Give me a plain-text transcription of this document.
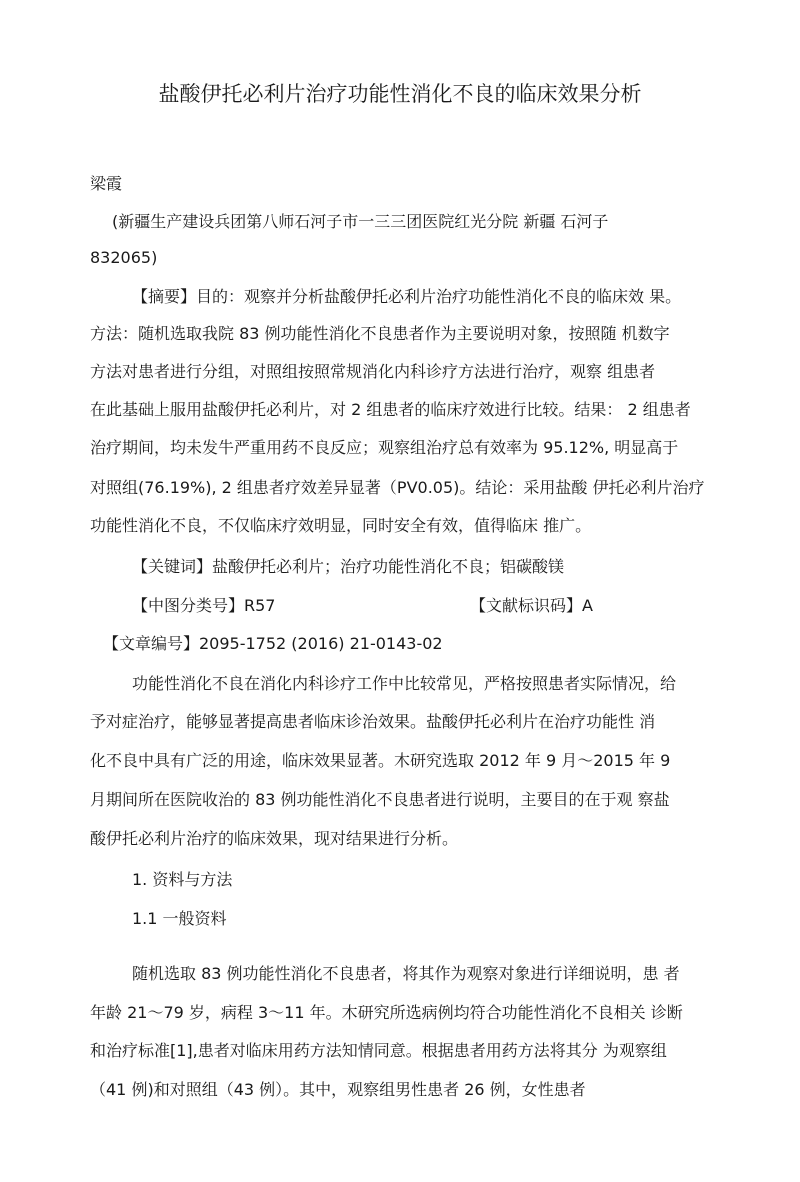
盐酸伊托必利片治疗功能性消化不良的临床效果分析
梁霞
(新疆生产建设兵团第八师石河子市一三三团医院红光分院 新疆 石河子
832065)
【摘要】目的：观察并分析盐酸伊托必利片治疗功能性消化不良的临床效 果。
方法：随机选取我院 83 例功能性消化不良患者作为主要说明对象，按照随 机数字
方法对患者进行分组，对照组按照常规消化内科诊疗方法进行治疗，观察 组患者
在此基础上服用盐酸伊托必利片，对 2 组患者的临床疗效进行比较。结果： 2 组患者
治疗期间，均未发牛严重用药不良反应；观察组治疗总有效率为 95.12%, 明显高于
对照组(76.19%), 2 组患者疗效差异显著（PV0.05)。结论：采用盐酸 伊托必利片治疗
功能性消化不良，不仅临床疗效明显，同时安全有效，值得临床 推广。
【关键词】盐酸伊托必利片；治疗功能性消化不良；铝碳酸镁
【中图分类号】R57	【文献标识码】A
【文章编号】2095-1752 (2016) 21-0143-02
功能性消化不良在消化内科诊疗工作中比较常见，严格按照患者实际情况，给
予对症治疗，能够显著提高患者临床诊治效果。盐酸伊托必利片在治疗功能性 消
化不良中具有广泛的用途，临床效果显著。木研究选取 2012 年 9 月～2015 年 9
月期间所在医院收治的 83 例功能性消化不良患者进行说明，主要目的在于观 察盐
酸伊托必利片治疗的临床效果，现对结果进行分析。
1. 资料与方法
1.1 一般资料
随机选取 83 例功能性消化不良患者，将其作为观察对象进行详细说明，患 者
年龄 21～79 岁，病程 3～11 年。木研究所选病例均符合功能性消化不良相关 诊断
和治疗标准[1],患者对临床用药方法知情同意。根据患者用药方法将其分 为观察组
（41 例)和对照组（43 例）。其中，观察组男性患者 26 例，女性患者
